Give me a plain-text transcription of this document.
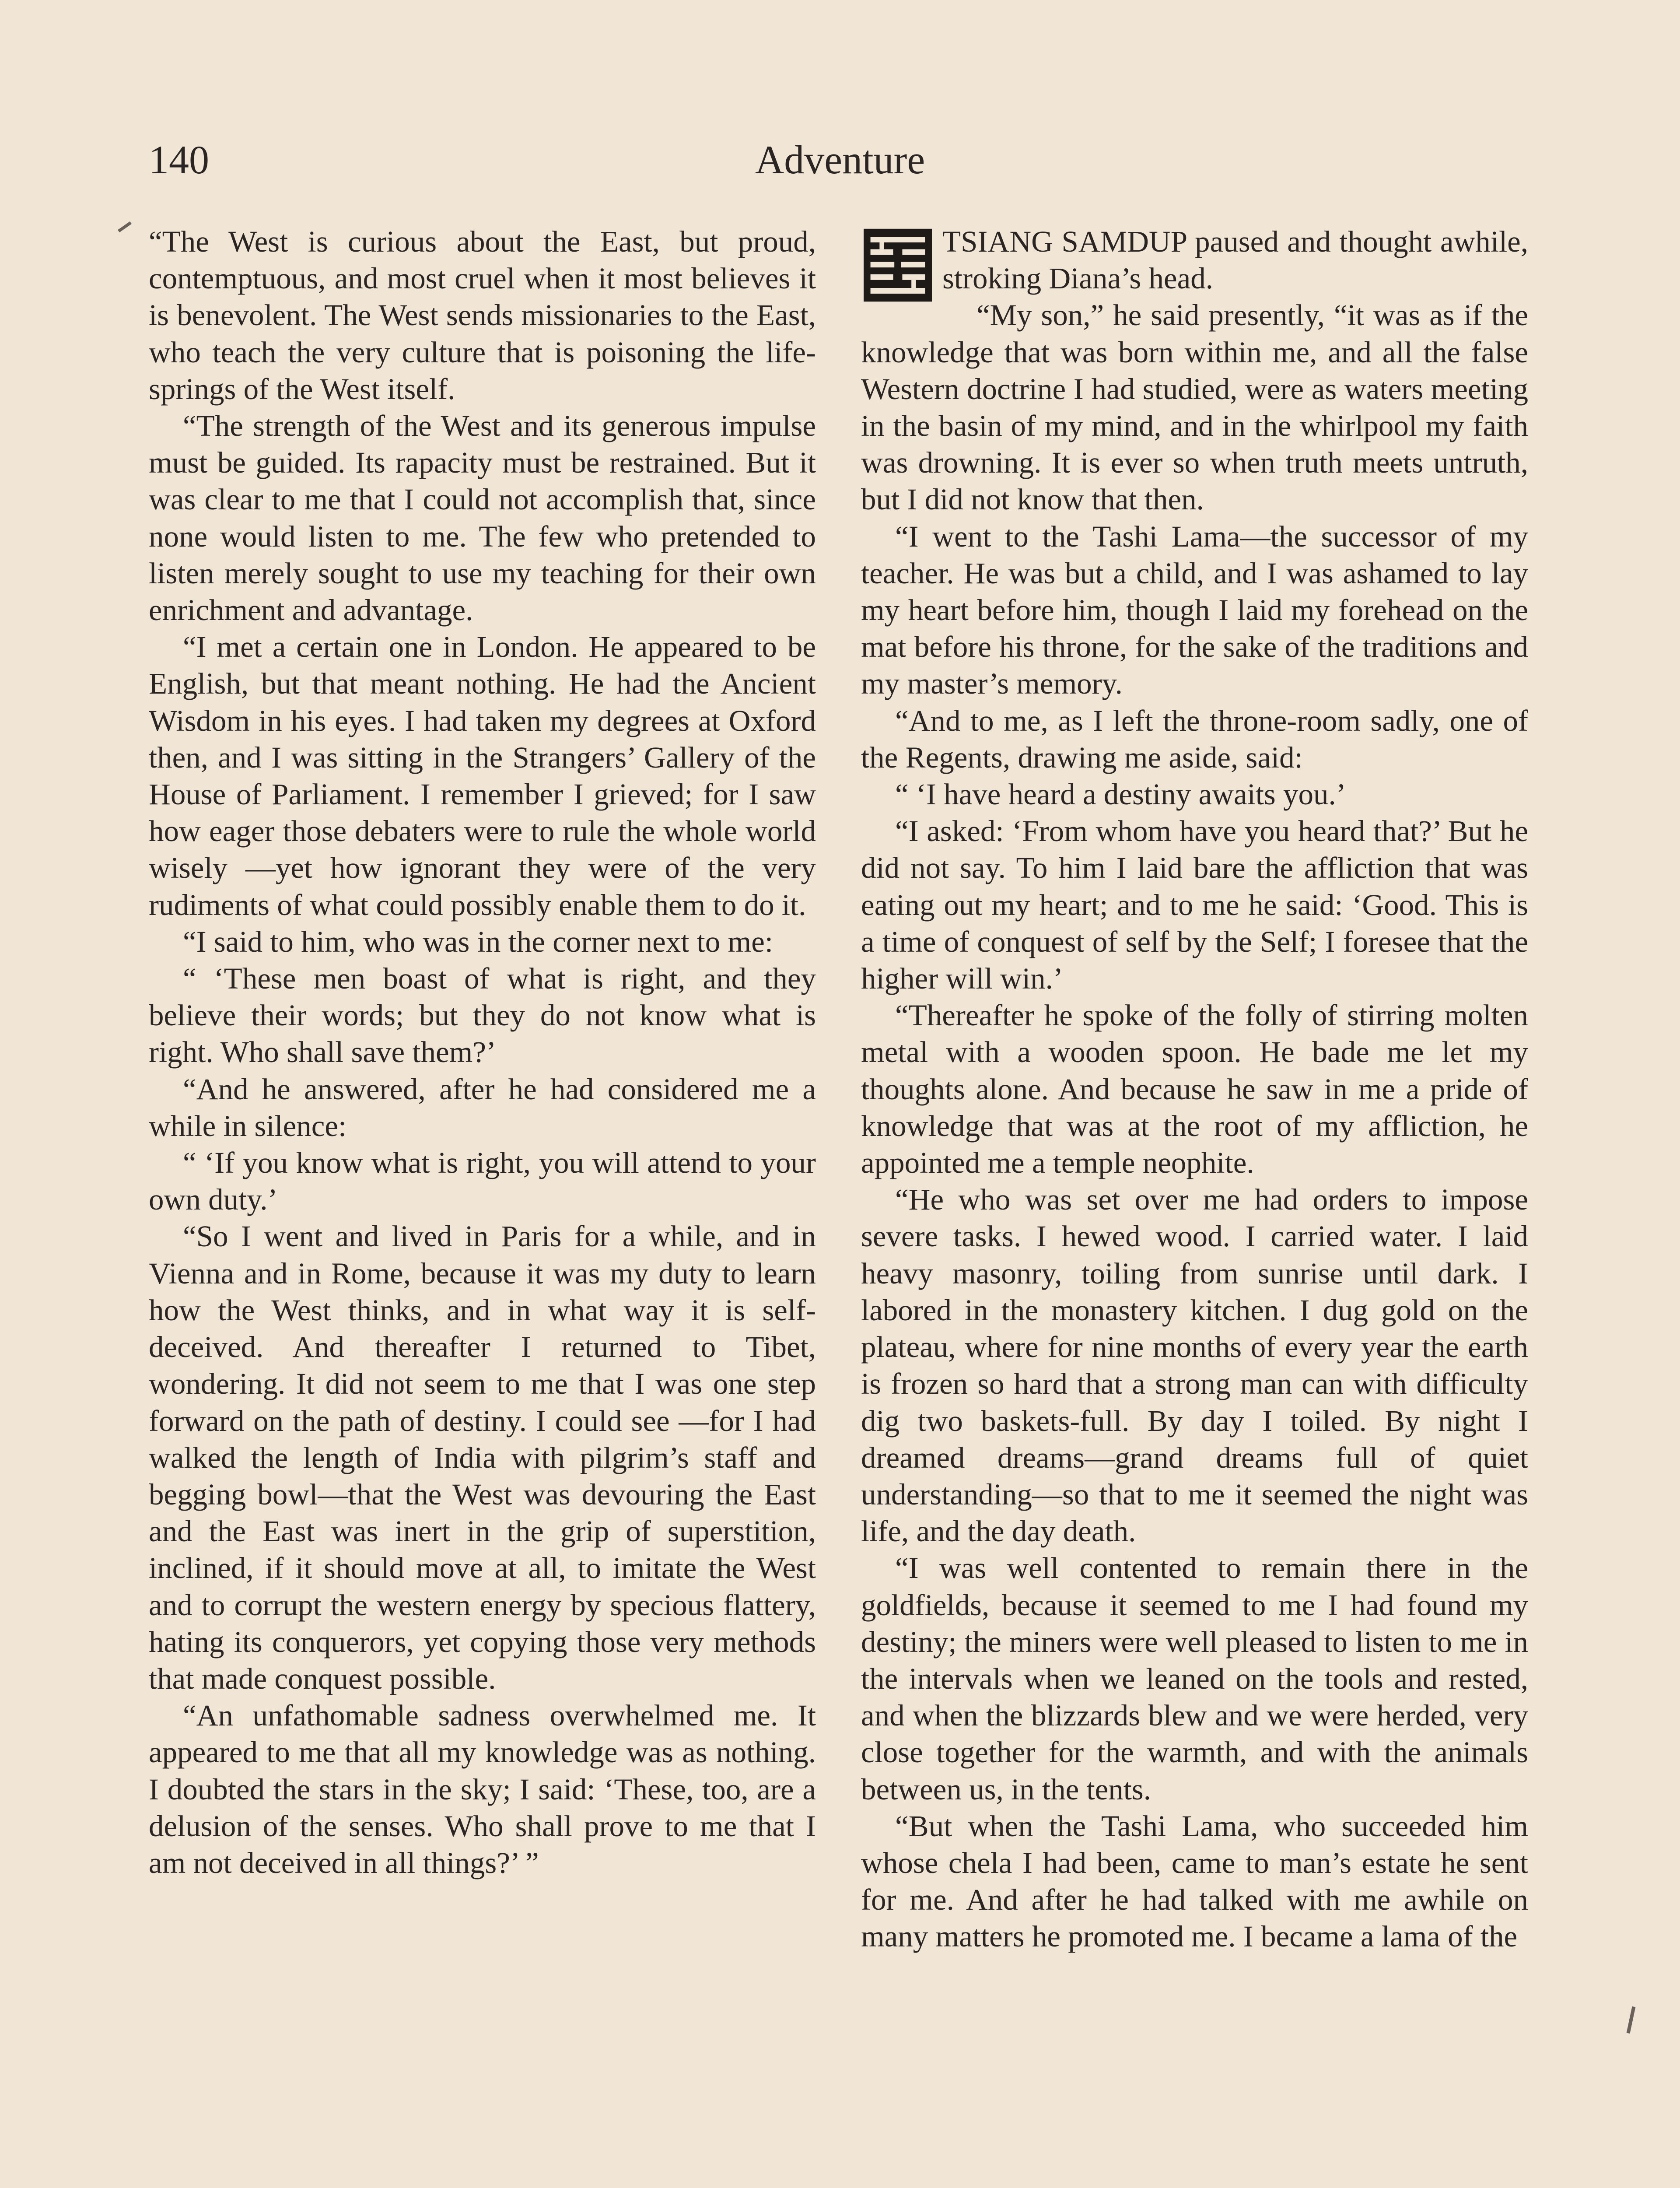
140	Adventure

“The West is curious about the East, but proud, contemptuous, and most cruel when it most believes it is benevolent. The West sends missionaries to the East, who teach the very culture that is poisoning the life-springs of the West itself.

“The strength of the West and its generous impulse must be guided. Its rapacity must be restrained. But it was clear to me that I could not accomplish that, since none would listen to me. The few who pretended to listen merely sought to use my teaching for their own enrichment and advantage.

“I met a certain one in London. He appeared to be English, but that meant nothing. He had the Ancient Wisdom in his eyes. I had taken my degrees at Oxford then, and I was sitting in the Strangers’ Gallery of the House of Parliament. I remember I grieved; for I saw how eager those debaters were to rule the whole world wisely —yet how ignorant they were of the very rudiments of what could possibly enable them to do it.

“I said to him, who was in the corner next to me:

“ ‘These men boast of what is right, and they believe their words; but they do not know what is right. Who shall save them?’

“And he answered, after he had considered me a while in silence:

“ ‘If you know what is right, you will attend to your own duty.’

“So I went and lived in Paris for a while, and in Vienna and in Rome, because it was my duty to learn how the West thinks, and in what way it is self-deceived. And thereafter I returned to Tibet, wondering. It did not seem to me that I was one step forward on the path of destiny. I could see —for I had walked the length of India with pilgrim’s staff and begging bowl—that the West was devouring the East and the East was inert in the grip of superstition, inclined, if it should move at all, to imitate the West and to corrupt the western energy by specious flattery, hating its conquerors, yet copying those very methods that made conquest possible.

“An unfathomable sadness overwhelmed me. It appeared to me that all my knowledge was as nothing. I doubted the stars in the sky; I said: ‘These, too, are a delusion of the senses. Who shall prove to me that I am not deceived in all things?’ ”

TSIANG SAMDUP paused and thought awhile, stroking Diana’s head.

“My son,” he said presently, “it was as if the knowledge that was born within me, and all the false Western doctrine I had studied, were as waters meeting in the basin of my mind, and in the whirlpool my faith was drowning. It is ever so when truth meets untruth, but I did not know that then.

“I went to the Tashi Lama—the successor of my teacher. He was but a child, and I was ashamed to lay my heart before him, though I laid my forehead on the mat before his throne, for the sake of the traditions and my master’s memory.

“And to me, as I left the throne-room sadly, one of the Regents, drawing me aside, said:

“ ‘I have heard a destiny awaits you.’

“I asked: ‘From whom have you heard that?’ But he did not say. To him I laid bare the affliction that was eating out my heart; and to me he said: ‘Good. This is a time of conquest of self by the Self; I foresee that the higher will win.’

“Thereafter he spoke of the folly of stirring molten metal with a wooden spoon. He bade me let my thoughts alone. And because he saw in me a pride of knowledge that was at the root of my affliction, he appointed me a temple neophite.

“He who was set over me had orders to impose severe tasks. I hewed wood. I carried water. I laid heavy masonry, toiling from sunrise until dark. I labored in the monastery kitchen. I dug gold on the plateau, where for nine months of every year the earth is frozen so hard that a strong man can with difficulty dig two baskets-full. By day I toiled. By night I dreamed dreams—grand dreams full of quiet understanding—so that to me it seemed the night was life, and the day death.

“I was well contented to remain there in the goldfields, because it seemed to me I had found my destiny; the miners were well pleased to listen to me in the intervals when we leaned on the tools and rested, and when the blizzards blew and we were herded, very close together for the warmth, and with the animals between us, in the tents.

“But when the Tashi Lama, who succeeded him whose chela I had been, came to man’s estate he sent for me. And after he had talked with me awhile on many matters he promoted me. I became a lama of the
